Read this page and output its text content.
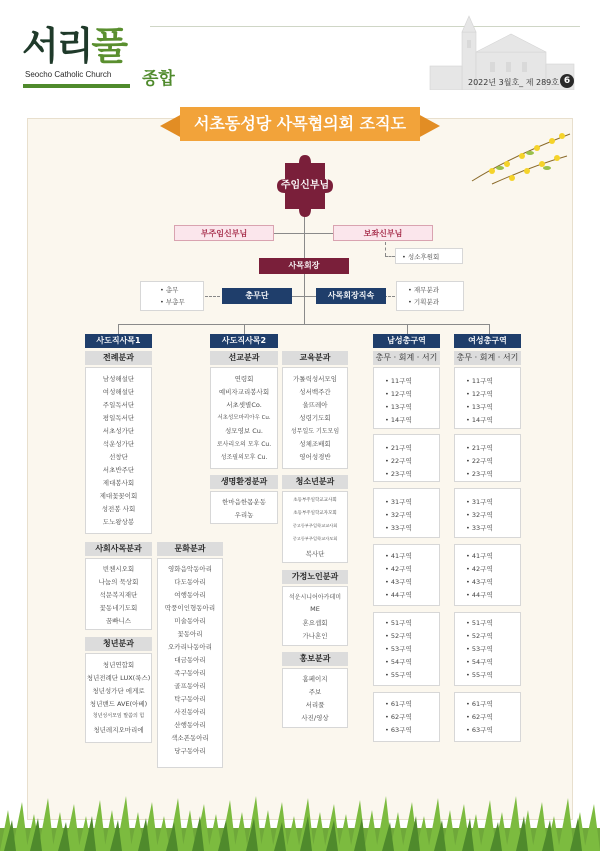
서리풀
Seocho Catholic Church 종합	2022년 3월호_ 제 289호 6
서초동성당 사목협의회 조직도
주임신부님
부주임신부님	보좌신부님
• 성소후원회
사목회장
• 총무
• 부총무
총무단	사목회장직속
• 재무분과
• 기획분과
사도직사목1	사도직사목2	남성총구역	여성총구역
전례분과
남성해설단
여성해설단
주일독서단
평일독서단
서초성가단
석운성가단
선창단
서초반주단
제대봉사회
제대꽃꽂이회
성전봉 사회
도노왕상봉
사회사목분과
빈첸시오회
나눔의 묵상회
석문복지재단
꽃동네기도회
꿈빠니스
청년분과
청년연합회
청년전례단 LUX(룩스)
청년성가단 에게로
청년밴드 AVE(아베)
청년성서모임 말씀의 힘
청년레지오마리에
선교분과
연령회
예비자교리봉사회
서초셋별Co.
서초성모마리아우 Cu.
성모영보 Cu.
로사리오의 모후 Cu.
성조필의모후 Cu.
생명환경분과
한마음한몸운동
우리농
문화분과
영화음악동아리
다도동아리
여행동아리
딱풍이인형동아리
미술동아리
꽃동아리
오카리나동아리
대금동아리
족구동아리
골프동아리
탁구동아리
사진동아리
산행동아리
색소폰동아리
당구동아리
교육분과
가톨릭성서모임
성서백주간
울뜨레아
성령기도회
성무일도 기도모임
성체조배회
영어성경반
청소년분과
초등부주일학교교사회
초등부주일학교자모회
중고등부주일학교교사회
중고등부주일학교자모회
복사단
가정노인분과
석운시니어아카데미
ME
혼요셉회
가나혼인
홍보분과
홈페이지
주보
서리풀
사진/영상
총무 · 회계 · 서기
• 11구역
• 12구역
• 13구역
• 14구역
• 21구역
• 22구역
• 23구역
• 31구역
• 32구역
• 33구역
• 41구역
• 42구역
• 43구역
• 44구역
• 51구역
• 52구역
• 53구역
• 54구역
• 55구역
• 61구역
• 62구역
• 63구역
총무 · 회계 · 서기
• 11구역
• 12구역
• 13구역
• 14구역
• 21구역
• 22구역
• 23구역
• 31구역
• 32구역
• 33구역
• 41구역
• 42구역
• 43구역
• 44구역
• 51구역
• 52구역
• 53구역
• 54구역
• 55구역
• 61구역
• 62구역
• 63구역
